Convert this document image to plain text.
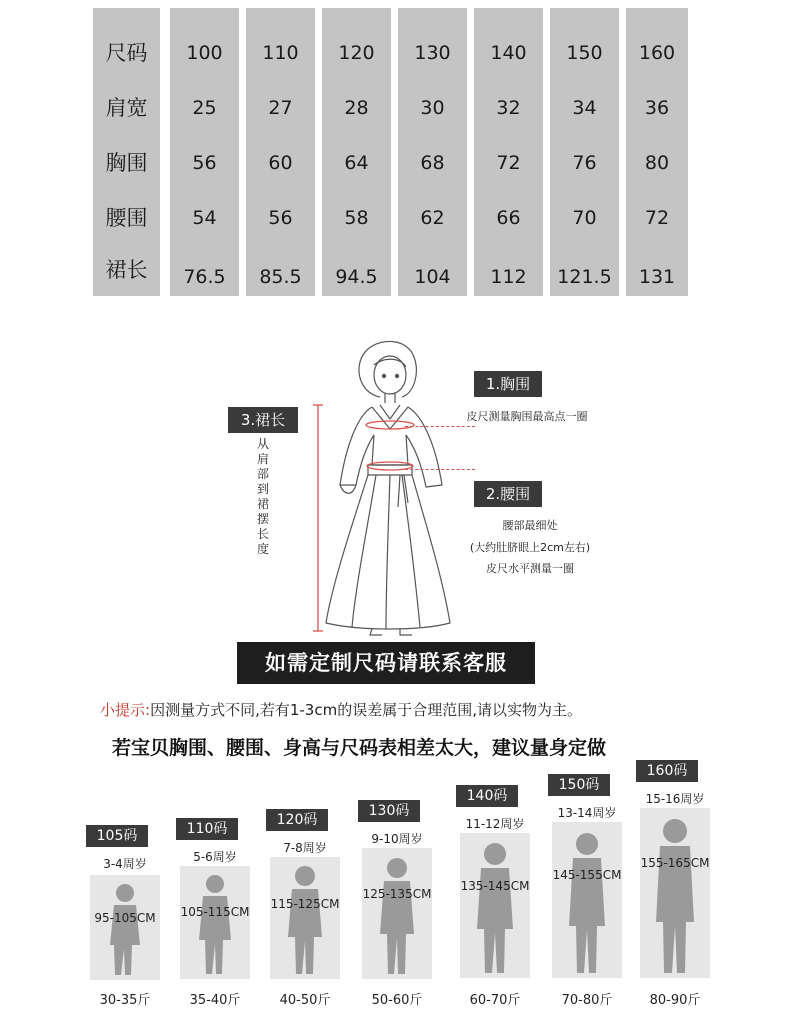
尺码
肩宽
胸围
腰围
裙长
100
25
56
54
76.5
110
27
60
56
85.5
120
28
64
58
94.5
130
30
68
62
104
140
32
72
66
112
150
34
76
70
121.5
160
36
80
72
131
1.胸围
皮尺测量胸围最高点一圈
2.腰围
腰部最细处
(大约肚脐眼上2cm左右)
皮尺水平测量一圈
3.裙长
从
肩
部
到
裙
摆
长
度
如需定制尺码请联系客服
小提示:因测量方式不同,若有1-3cm的误差属于合理范围,请以实物为主。
若宝贝胸围、腰围、身高与尺码表相差太大，建议量身定做
105码
3-4周岁
95-105CM
30-35斤
110码
5-6周岁
105-115CM
35-40斤
120码
7-8周岁
115-125CM
40-50斤
130码
9-10周岁
125-135CM
50-60斤
140码
11-12周岁
135-145CM
60-70斤
150码
13-14周岁
145-155CM
70-80斤
160码
15-16周岁
155-165CM
80-90斤
